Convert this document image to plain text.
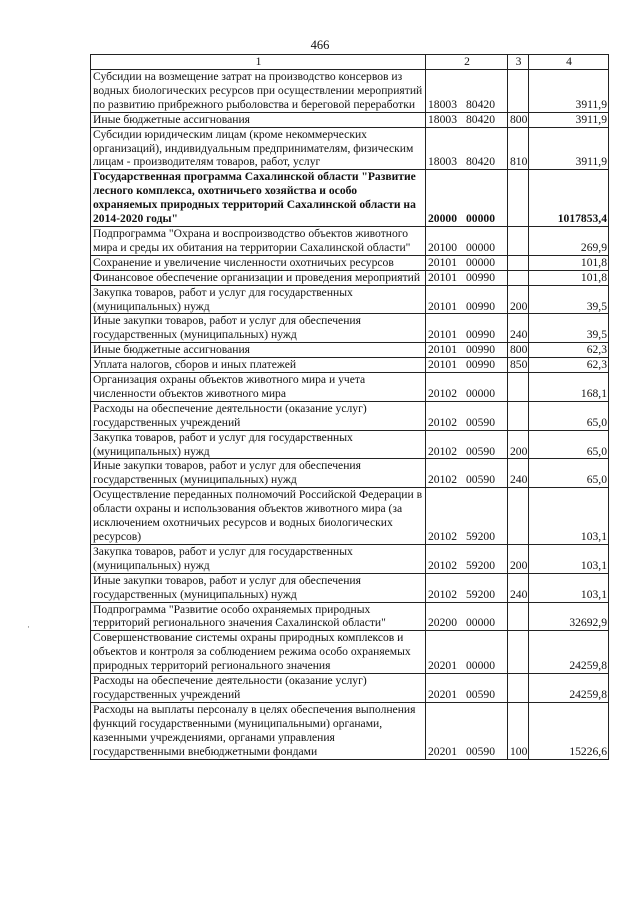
466
·
1	2	3	4
Субсидии на возмещение затрат на производство консервов из водных биологических ресурсов при осуществлении мероприятий по развитию прибрежного рыболовства и береговой переработки	18003 80420		3911,9
Иные бюджетные ассигнования	18003 80420	800	3911,9
Субсидии юридическим лицам (кроме некоммерческих организаций), индивидуальным предпринимателям, физическим лицам - производителям товаров, работ, услуг	18003 80420	810	3911,9
Государственная программа Сахалинской области "Развитие лесного комплекса, охотничьего хозяйства и особо охраняемых природных территорий Сахалинской области на 2014-2020 годы"	20000 00000		1017853,4
Подпрограмма "Охрана и воспроизводство объектов животного мира и среды их обитания на территории Сахалинской области"	20100 00000		269,9
Сохранение и увеличение численности охотничьих ресурсов	20101 00000		101,8
Финансовое обеспечение организации и проведения мероприятий	20101 00990		101,8
Закупка товаров, работ и услуг для государственных (муниципальных) нужд	20101 00990	200	39,5
Иные закупки товаров, работ и услуг для обеспечения государственных (муниципальных) нужд	20101 00990	240	39,5
Иные бюджетные ассигнования	20101 00990	800	62,3
Уплата налогов, сборов и иных платежей	20101 00990	850	62,3
Организация охраны объектов животного мира и учета численности объектов животного мира	20102 00000		168,1
Расходы на обеспечение деятельности (оказание услуг) государственных учреждений	20102 00590		65,0
Закупка товаров, работ и услуг для государственных (муниципальных) нужд	20102 00590	200	65,0
Иные закупки товаров, работ и услуг для обеспечения государственных (муниципальных) нужд	20102 00590	240	65,0
Осуществление переданных полномочий Российской Федерации в области охраны и использования объектов животного мира (за исключением охотничьих ресурсов и водных биологических ресурсов)	20102 59200		103,1
Закупка товаров, работ и услуг для государственных (муниципальных) нужд	20102 59200	200	103,1
Иные закупки товаров, работ и услуг для обеспечения государственных (муниципальных) нужд	20102 59200	240	103,1
Подпрограмма "Развитие особо охраняемых природных территорий регионального значения Сахалинской области"	20200 00000		32692,9
Совершенствование системы охраны природных комплексов и объектов и контроля за соблюдением режима особо охраняемых природных территорий регионального значения	20201 00000		24259,8
Расходы на обеспечение деятельности (оказание услуг) государственных учреждений	20201 00590		24259,8
Расходы на выплаты персоналу в целях обеспечения выполнения функций государственными (муниципальными) органами, казенными учреждениями, органами управления государственными внебюджетными фондами	20201 00590	100	15226,6
